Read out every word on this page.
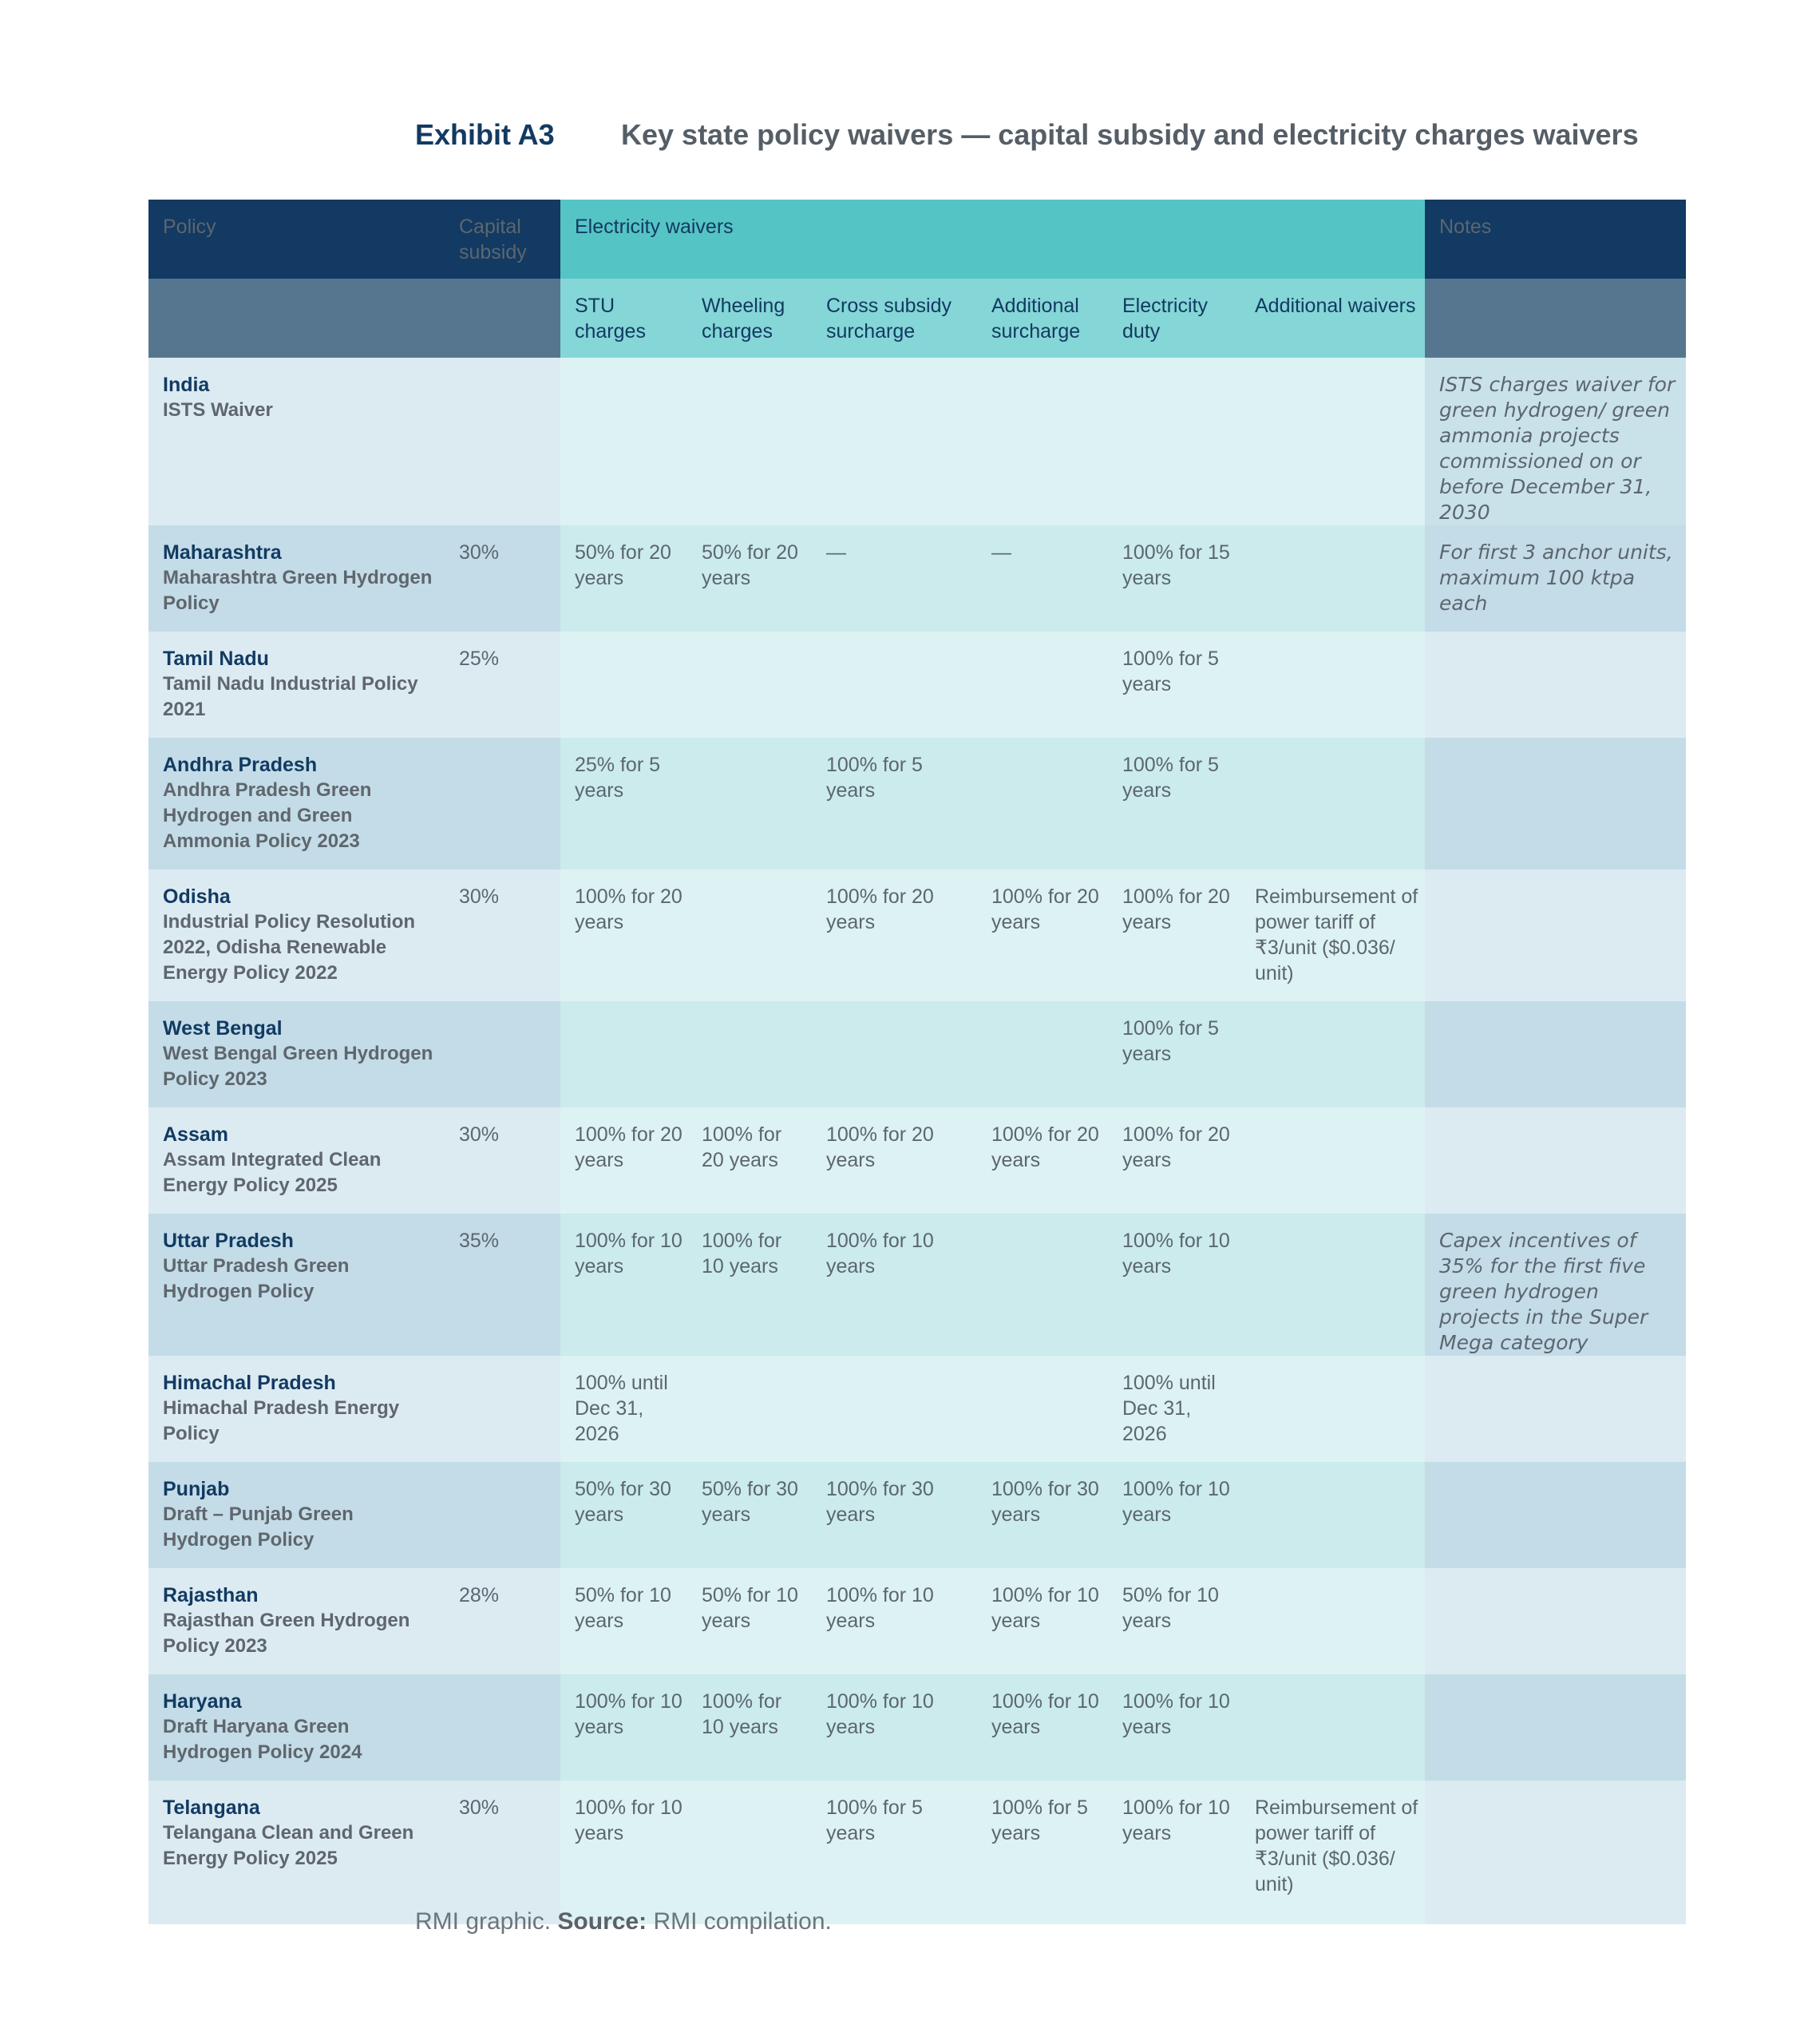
Exhibit A3	Key state policy waivers — capital subsidy and electricity charges waivers
Policy	Capital subsidy	Electricity waivers						Notes
		STU charges	Wheeling charges	Cross subsidy surcharge	Additional surcharge	Electricity duty	Additional waivers	

India
ISTS Waiver								ISTS charges waiver for green hydrogen/ green ammonia projects commissioned on or before December 31, 2030

Maharashtra
Maharashtra Green Hydrogen Policy	30%	50% for 20 years	50% for 20 years	—	—	100% for 15 years		For first 3 anchor units, maximum 100 ktpa each

Tamil Nadu
Tamil Nadu Industrial Policy 2021	25%					100% for 5 years		

Andhra Pradesh
Andhra Pradesh Green Hydrogen and Green Ammonia Policy 2023		25% for 5 years		100% for 5 years		100% for 5 years		

Odisha
Industrial Policy Resolution 2022, Odisha Renewable Energy Policy 2022	30%	100% for 20 years		100% for 20 years	100% for 20 years	100% for 20 years	Reimbursement of power tariff of ₹3/unit ($0.036/ unit)	

West Bengal
West Bengal Green Hydrogen Policy 2023						100% for 5 years		

Assam
Assam Integrated Clean Energy Policy 2025	30%	100% for 20 years	100% for 20 years	100% for 20 years	100% for 20 years	100% for 20 years		

Uttar Pradesh
Uttar Pradesh Green Hydrogen Policy	35%	100% for 10 years	100% for 10 years	100% for 10 years		100% for 10 years		Capex incentives of 35% for the first five green hydrogen projects in the Super Mega category

Himachal Pradesh
Himachal Pradesh Energy Policy		100% until Dec 31, 2026				100% until Dec 31, 2026		

Punjab
Draft – Punjab Green Hydrogen Policy		50% for 30 years	50% for 30 years	100% for 30 years	100% for 30 years	100% for 10 years		

Rajasthan
Rajasthan Green Hydrogen Policy 2023	28%	50% for 10 years	50% for 10 years	100% for 10 years	100% for 10 years	50% for 10 years		

Haryana
Draft Haryana Green Hydrogen Policy 2024		100% for 10 years	100% for 10 years	100% for 10 years	100% for 10 years	100% for 10 years		

Telangana
Telangana Clean and Green Energy Policy 2025	30%	100% for 10 years		100% for 5 years	100% for 5 years	100% for 10 years	Reimbursement of power tariff of ₹3/unit ($0.036/ unit)	
RMI graphic. Source: RMI compilation.
